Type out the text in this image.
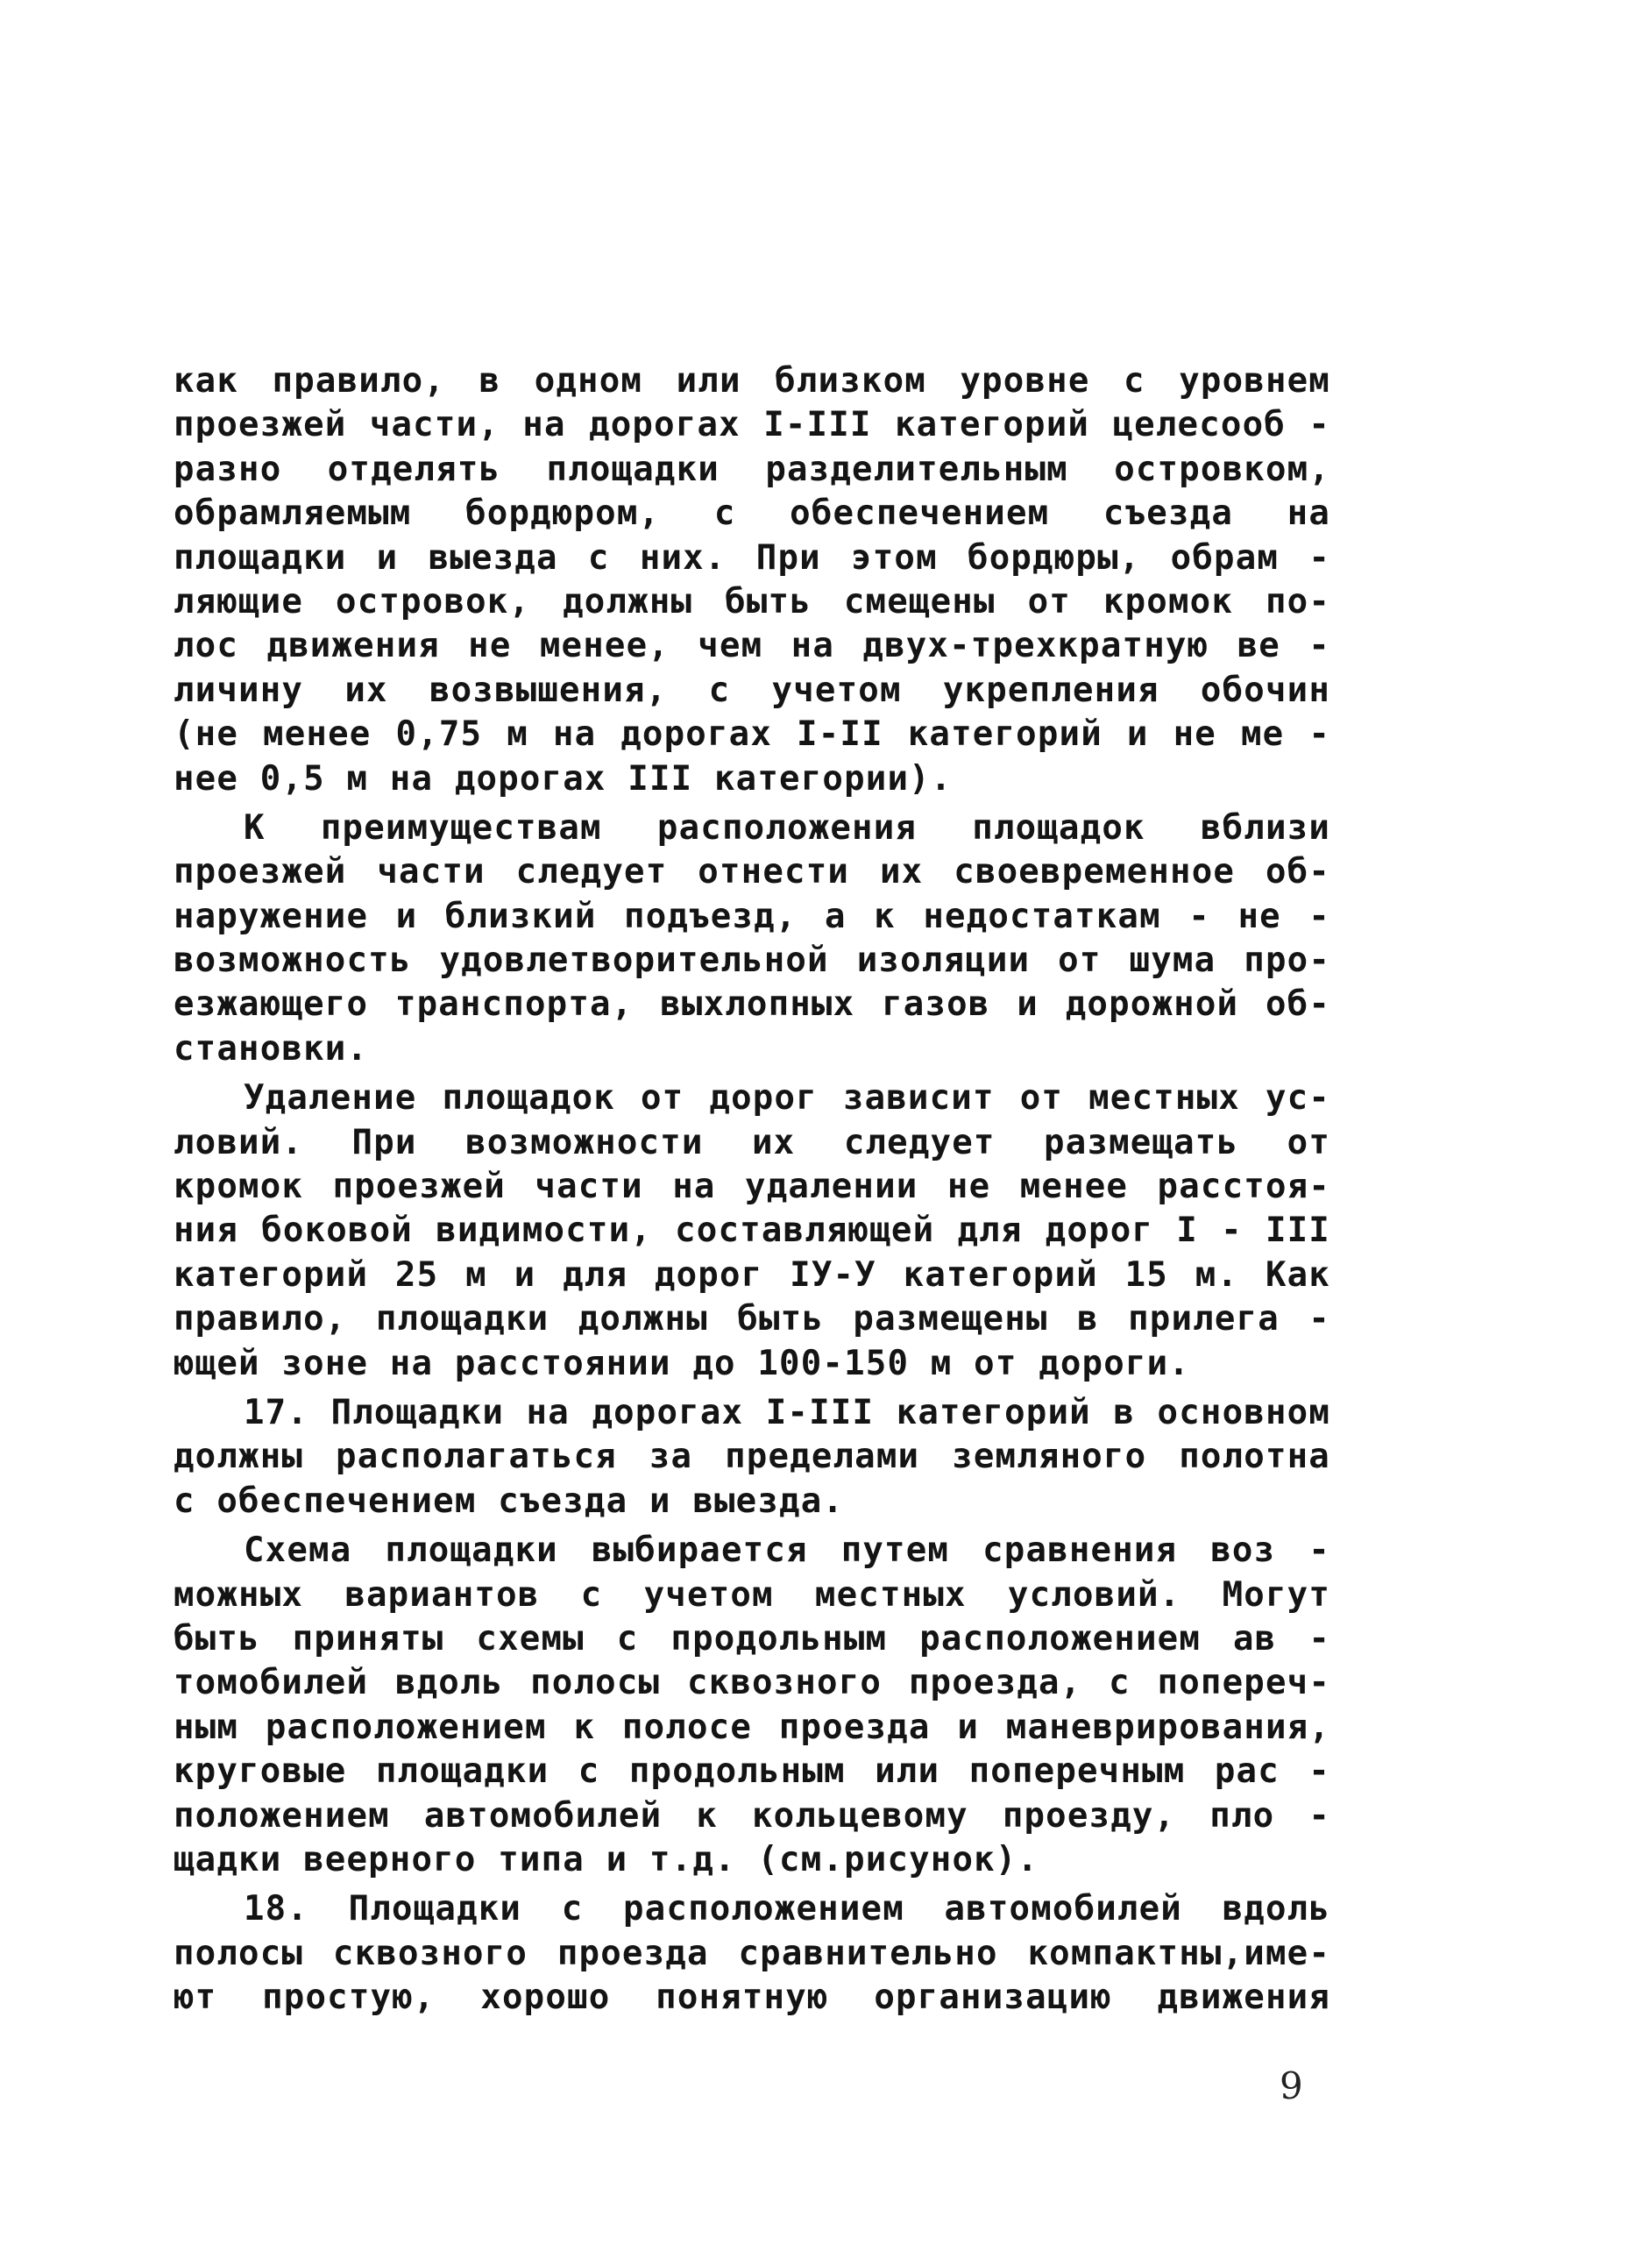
как правило, в одном или близком уровне с уровнем
проезжей части, на дорогах I-III категорий целесооб -
разно отделять площадки разделительным островком,
обрамляемым бордюром, с обеспечением съезда на
площадки и выезда с них. При этом бордюры, обрам -
ляющие островок, должны быть смещены от кромок по-
лос движения не менее, чем на двух-трехкратную ве -
личину их возвышения, с учетом укрепления обочин
(не менее 0,75 м на дорогах I-II категорий и не ме -
нее 0,5 м на дорогах III категории).
К преимуществам расположения площадок вблизи
проезжей части следует отнести их своевременное об-
наружение и близкий подъезд, а к недостаткам - не -
возможность удовлетворительной изоляции от шума про-
езжающего транспорта, выхлопных газов и дорожной об-
становки.
Удаление площадок от дорог зависит от местных ус-
ловий. При возможности их следует размещать от
кромок проезжей части на удалении не менее расстоя-
ния боковой видимости, составляющей для дорог I - III
категорий 25 м и для дорог IУ-У категорий 15 м. Как
правило, площадки должны быть размещены в прилега -
ющей зоне на расстоянии до 100-150 м от дороги.
17. Площадки на дорогах I-III категорий в основном
должны располагаться за пределами земляного полотна
с обеспечением съезда и выезда.
Схема площадки выбирается путем сравнения воз -
можных вариантов с учетом местных условий. Могут
быть приняты схемы с продольным расположением ав -
томобилей вдоль полосы сквозного проезда, с попереч-
ным расположением к полосе проезда и маневрирования,
круговые площадки с продольным или поперечным рас -
положением автомобилей к кольцевому проезду, пло -
щадки веерного типа и т.д. (см.рисунок).
18. Площадки с расположением автомобилей вдоль
полосы сквозного проезда сравнительно компактны,име-
ют простую, хорошо понятную организацию движения
9
